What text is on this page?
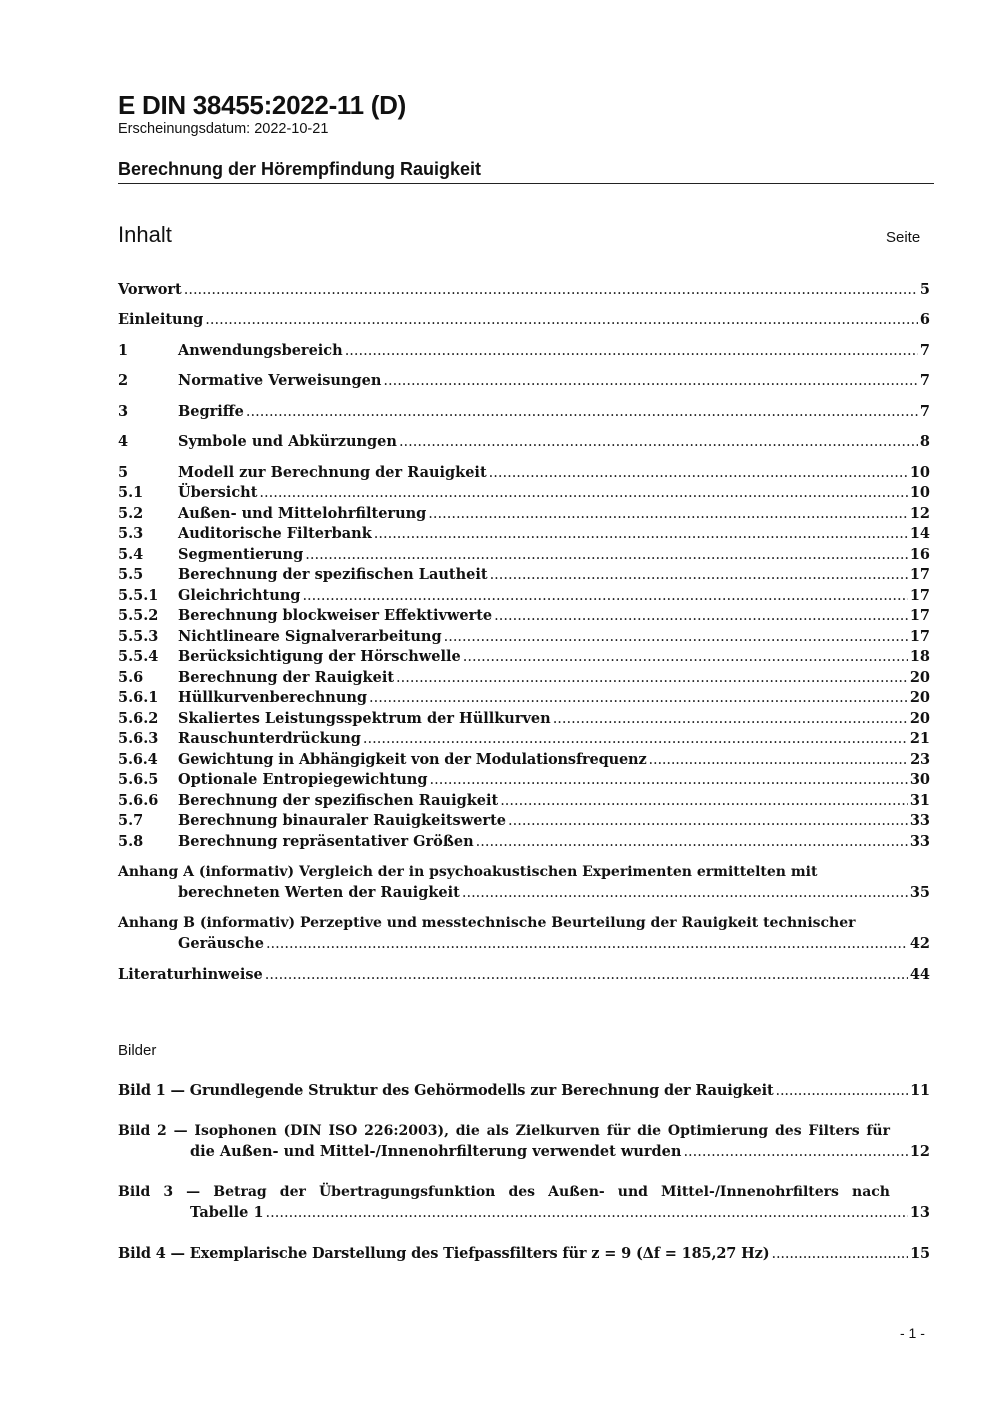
E DIN 38455:2022-11 (D)
Erscheinungsdatum: 2022-10-21
Berechnung der Hörempfindung Rauigkeit
Inhalt	Seite
Vorwort .....	5
Einleitung .....	6
1	Anwendungsbereich .....	7
2	Normative Verweisungen .....	7
3	Begriffe .....	7
4	Symbole und Abkürzungen .....	8
5	Modell zur Berechnung der Rauigkeit .....	10
5.1	Übersicht .....	10
5.2	Außen- und Mittelohrfilterung .....	12
5.3	Auditorische Filterbank .....	14
5.4	Segmentierung .....	16
5.5	Berechnung der spezifischen Lautheit .....	17
5.5.1	Gleichrichtung .....	17
5.5.2	Berechnung blockweiser Effektivwerte .....	17
5.5.3	Nichtlineare Signalverarbeitung .....	17
5.5.4	Berücksichtigung der Hörschwelle .....	18
5.6	Berechnung der Rauigkeit .....	20
5.6.1	Hüllkurvenberechnung .....	20
5.6.2	Skaliertes Leistungsspektrum der Hüllkurven .....	20
5.6.3	Rauschunterdrückung .....	21
5.6.4	Gewichtung in Abhängigkeit von der Modulationsfrequenz .....	23
5.6.5	Optionale Entropiegewichtung .....	30
5.6.6	Berechnung der spezifischen Rauigkeit .....	31
5.7	Berechnung binauraler Rauigkeitswerte .....	33
5.8	Berechnung repräsentativer Größen .....	33
Anhang A (informativ) Vergleich der in psychoakustischen Experimenten ermittelten mit
berechneten Werten der Rauigkeit .....	35
Anhang B (informativ) Perzeptive und messtechnische Beurteilung der Rauigkeit technischer
Geräusche .....	42
Literaturhinweise .....	44
Bilder
Bild 1 — Grundlegende Struktur des Gehörmodells zur Berechnung der Rauigkeit .....	11
Bild 2 — Isophonen (DIN ISO 226:2003), die als Zielkurven für die Optimierung des Filters für
die Außen- und Mittel-/Innenohrfilterung verwendet wurden .....	12
Bild 3 — Betrag der Übertragungsfunktion des Außen- und Mittel-/Innenohrfilters nach
Tabelle 1 .....	13
Bild 4 — Exemplarische Darstellung des Tiefpassfilters für z = 9 (Δf = 185,27 Hz) .....	15
- 1 -
